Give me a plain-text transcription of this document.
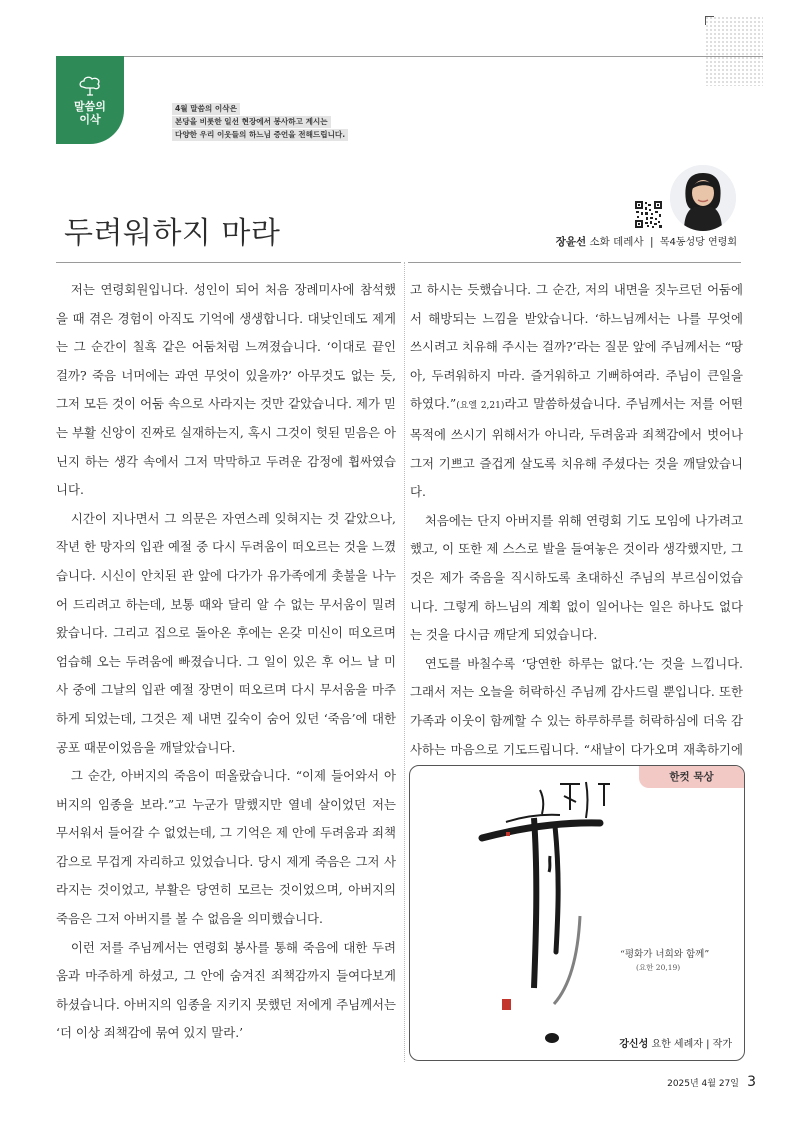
말씀의
이삭
4월 말씀의 이삭은
본당을 비롯한 일선 현장에서 봉사하고 계시는
다양한 우리 이웃들의 하느님 증언을 전해드립니다.
두려워하지 마라	장윤선 소화 데레사 | 목4동성당 연령회

저는 연령회원입니다. 성인이 되어 처음 장례미사에 참석했을 때 겪은 경험이 아직도 기억에 생생합니다. 대낮인데도 제게는 그 순간이 칠흑 같은 어둠처럼 느껴졌습니다. ‘이대로 끝인 걸까? 죽음 너머에는 과연 무엇이 있을까?’ 아무것도 없는 듯, 그저 모든 것이 어둠 속으로 사라지는 것만 같았습니다. 제가 믿는 부활 신앙이 진짜로 실재하는지, 혹시 그것이 헛된 믿음은 아닌지 하는 생각 속에서 그저 막막하고 두려운 감정에 휩싸였습니다.

시간이 지나면서 그 의문은 자연스레 잊혀지는 것 같았으나, 작년 한 망자의 입관 예절 중 다시 두려움이 떠오르는 것을 느꼈습니다. 시신이 안치된 관 앞에 다가가 유가족에게 촛불을 나누어 드리려고 하는데, 보통 때와 달리 알 수 없는 무서움이 밀려왔습니다. 그리고 집으로 돌아온 후에는 온갖 미신이 떠오르며 엄습해 오는 두려움에 빠졌습니다. 그 일이 있은 후 어느 날 미사 중에 그날의 입관 예절 장면이 떠오르며 다시 무서움을 마주하게 되었는데, 그것은 제 내면 깊숙이 숨어 있던 ‘죽음’에 대한 공포 때문이었음을 깨달았습니다.

그 순간, 아버지의 죽음이 떠올랐습니다. “이제 들어와서 아버지의 임종을 보라.”고 누군가 말했지만 열네 살이었던 저는 무서워서 들어갈 수 없었는데, 그 기억은 제 안에 두려움과 죄책감으로 무겁게 자리하고 있었습니다. 당시 제게 죽음은 그저 사라지는 것이었고, 부활은 당연히 모르는 것이었으며, 아버지의 죽음은 그저 아버지를 볼 수 없음을 의미했습니다.

이런 저를 주님께서는 연령회 봉사를 통해 죽음에 대한 두려움과 마주하게 하셨고, 그 안에 숨겨진 죄책감까지 들여다보게 하셨습니다. 아버지의 임종을 지키지 못했던 저에게 주님께서는 ‘더 이상 죄책감에 묶여 있지 말라.’

고 하시는 듯했습니다. 그 순간, 저의 내면을 짓누르던 어둠에서 해방되는 느낌을 받았습니다. ‘하느님께서는 나를 무엇에 쓰시려고 치유해 주시는 걸까?’라는 질문 앞에 주님께서는 “땅아, 두려워하지 마라. 즐거워하고 기뻐하여라. 주님이 큰일을 하였다.”(요엘 2,21)라고 말씀하셨습니다. 주님께서는 저를 어떤 목적에 쓰시기 위해서가 아니라, 두려움과 죄책감에서 벗어나 그저 기쁘고 즐겁게 살도록 치유해 주셨다는 것을 깨달았습니다.

처음에는 단지 아버지를 위해 연령회 기도 모임에 나가려고 했고, 이 또한 제 스스로 발을 들여놓은 것이라 생각했지만, 그것은 제가 죽음을 직시하도록 초대하신 주님의 부르심이었습니다. 그렇게 하느님의 계획 없이 일어나는 일은 하나도 없다는 것을 다시금 깨닫게 되었습니다.

연도를 바칠수록 ‘당연한 하루는 없다.’는 것을 느낍니다. 그래서 저는 오늘을 허락하신 주님께 감사드릴 뿐입니다. 또한 가족과 이웃이 함께할 수 있는 하루하루를 허락하심에 더욱 감사하는 마음으로 기도드립니다. “새날이 다가오며 재촉하기에

한컷 묵상
“평화가 너희와 함께”
(요한 20,19)
강신성 요한 세례자 | 작가
2025년 4월 27일 3
